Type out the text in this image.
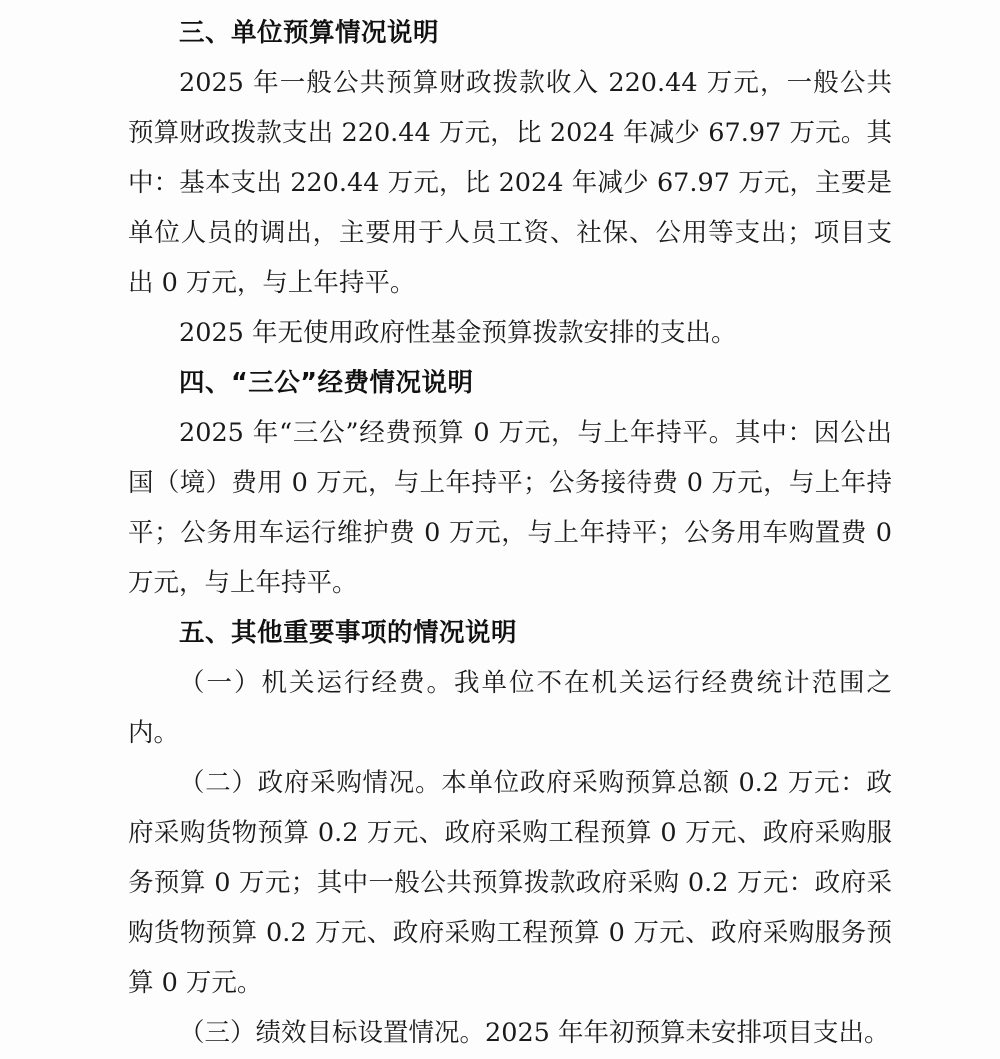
三、单位预算情况说明

2025 年一般公共预算财政拨款收入 220.44 万元，一般公共预算财政拨款支出 220.44 万元，比 2024 年减少 67.97 万元。其中：基本支出 220.44 万元，比 2024 年减少 67.97 万元，主要是单位人员的调出，主要用于人员工资、社保、公用等支出；项目支出 0 万元，与上年持平。

2025 年无使用政府性基金预算拨款安排的支出。

四、“三公”经费情况说明

2025 年“三公”经费预算 0 万元，与上年持平。其中：因公出国（境）费用 0 万元，与上年持平；公务接待费 0 万元，与上年持平；公务用车运行维护费 0 万元，与上年持平；公务用车购置费 0 万元，与上年持平。

五、其他重要事项的情况说明

（一）机关运行经费。我单位不在机关运行经费统计范围之内。

（二）政府采购情况。本单位政府采购预算总额 0.2 万元：政府采购货物预算 0.2 万元、政府采购工程预算 0 万元、政府采购服务预算 0 万元；其中一般公共预算拨款政府采购 0.2 万元：政府采购货物预算 0.2 万元、政府采购工程预算 0 万元、政府采购服务预算 0 万元。

（三）绩效目标设置情况。2025 年年初预算未安排项目支出。
